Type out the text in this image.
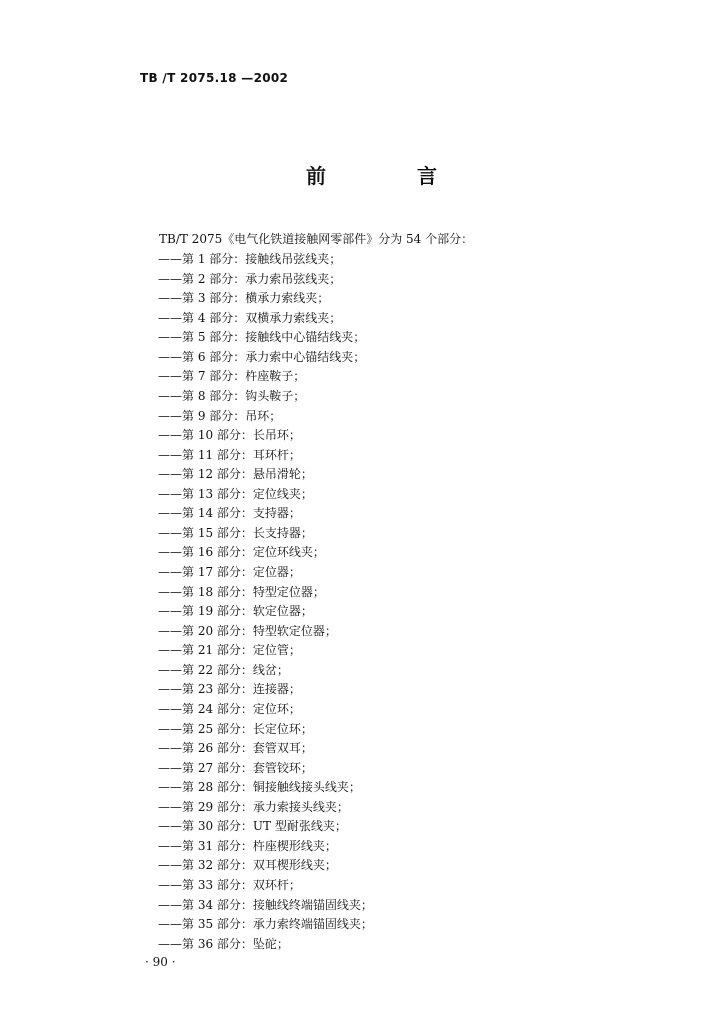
TB /T 2075.18 —2002
前 言

TB/T 2075《电气化铁道接触网零部件》分为 54 个部分：

——第 1 部分：接触线吊弦线夹；
——第 2 部分：承力索吊弦线夹；
——第 3 部分：横承力索线夹；
——第 4 部分：双横承力索线夹；
——第 5 部分：接触线中心锚结线夹；
——第 6 部分：承力索中心锚结线夹；
——第 7 部分：杵座鞍子；
——第 8 部分：钩头鞍子；
——第 9 部分：吊环；
——第 10 部分：长吊环；
——第 11 部分：耳环杆；
——第 12 部分：悬吊滑轮；
——第 13 部分：定位线夹；
——第 14 部分：支持器；
——第 15 部分：长支持器；
——第 16 部分：定位环线夹；
——第 17 部分：定位器；
——第 18 部分：特型定位器；
——第 19 部分：软定位器；
——第 20 部分：特型软定位器；
——第 21 部分：定位管；
——第 22 部分：线岔；
——第 23 部分：连接器；
——第 24 部分：定位环；
——第 25 部分：长定位环；
——第 26 部分：套管双耳；
——第 27 部分：套管铰环；
——第 28 部分：铜接触线接头线夹；
——第 29 部分：承力索接头线夹；
——第 30 部分：UT 型耐张线夹；
——第 31 部分：杵座楔形线夹；
——第 32 部分：双耳楔形线夹；
——第 33 部分：双环杆；
——第 34 部分：接触线终端锚固线夹；
——第 35 部分：承力索终端锚固线夹；
——第 36 部分：坠砣；
· 90 ·
